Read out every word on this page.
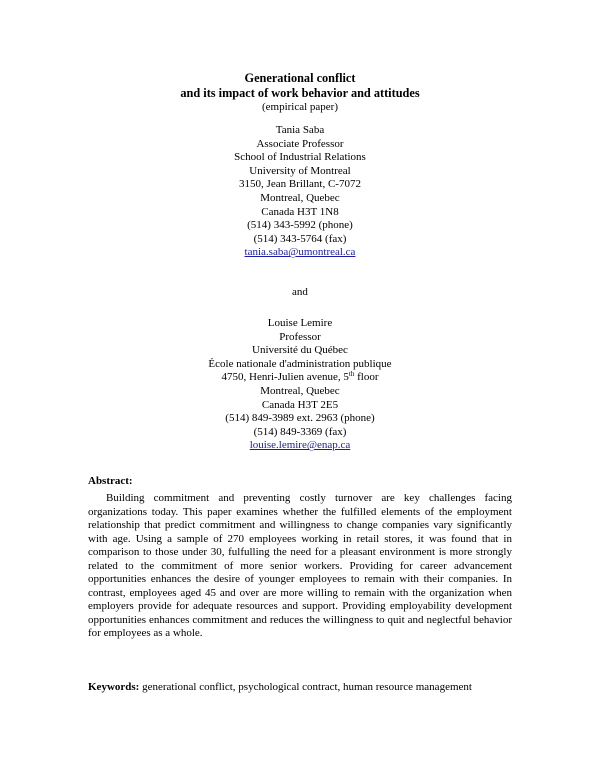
Generational conflict
and its impact of work behavior and attitudes
(empirical paper)
Tania Saba
Associate Professor
School of Industrial Relations
University of Montreal
3150, Jean Brillant, C-7072
Montreal, Quebec
Canada H3T 1N8
(514) 343-5992 (phone)
(514) 343-5764 (fax)
tania.saba@umontreal.ca
and
Louise Lemire
Professor
Université du Québec
École nationale d'administration publique
4750, Henri-Julien avenue, 5th floor
Montreal, Quebec
Canada H3T 2E5
(514) 849-3989 ext. 2963 (phone)
(514) 849-3369 (fax)
louise.lemire@enap.ca
Abstract:

Building commitment and preventing costly turnover are key challenges facing organizations today. This paper examines whether the fulfilled elements of the employment relationship that predict commitment and willingness to change companies vary significantly with age. Using a sample of 270 employees working in retail stores, it was found that in comparison to those under 30, fulfulling the need for a pleasant environment is more strongly related to the commitment of more senior workers. Providing for career advancement opportunities enhances the desire of younger employees to remain with their companies. In contrast, employees aged 45 and over are more willing to remain with the organization when employers provide for adequate resources and support. Providing employability development opportunities enhances commitment and reduces the willingness to quit and neglectful behavior for employees as a whole.

Keywords: generational conflict, psychological contract, human resource management
